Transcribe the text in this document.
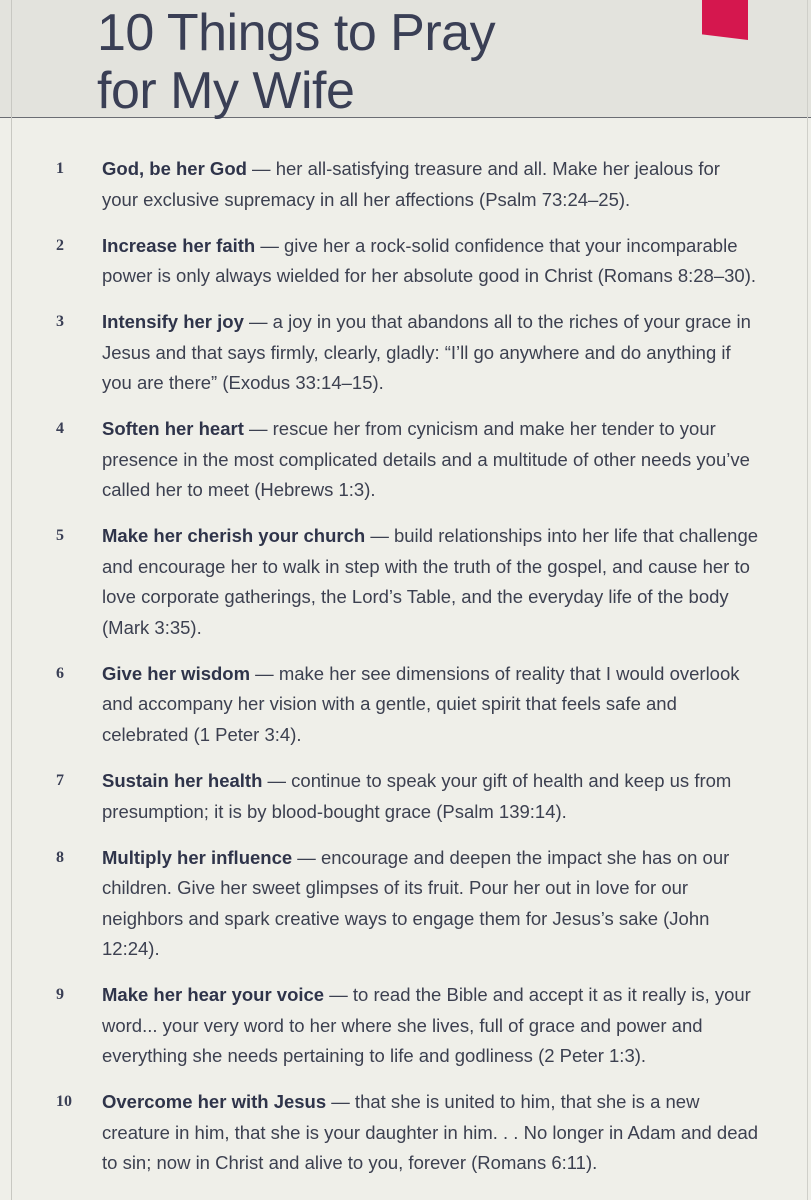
10 Things to Pray
for My Wife
1 God, be her God — her all-satisfying treasure and all. Make her jealous for your exclusive supremacy in all her affections (Psalm 73:24–25).
2 Increase her faith — give her a rock-solid confidence that your incomparable power is only always wielded for her absolute good in Christ (Romans 8:28–30).
3 Intensify her joy — a joy in you that abandons all to the riches of your grace in Jesus and that says firmly, clearly, gladly: “I’ll go anywhere and do anything if you are there” (Exodus 33:14–15).
4 Soften her heart — rescue her from cynicism and make her tender to your presence in the most complicated details and a multitude of other needs you’ve called her to meet (Hebrews 1:3).
5 Make her cherish your church — build relationships into her life that challenge and encourage her to walk in step with the truth of the gospel, and cause her to love corporate gatherings, the Lord’s Table, and the everyday life of the body (Mark 3:35).
6 Give her wisdom — make her see dimensions of reality that I would overlook and accompany her vision with a gentle, quiet spirit that feels safe and celebrated (1 Peter 3:4).
7 Sustain her health — continue to speak your gift of health and keep us from presumption; it is by blood-bought grace (Psalm 139:14).
8 Multiply her influence — encourage and deepen the impact she has on our children. Give her sweet glimpses of its fruit. Pour her out in love for our neighbors and spark creative ways to engage them for Jesus’s sake (John 12:24).
9 Make her hear your voice — to read the Bible and accept it as it really is, your word... your very word to her where she lives, full of grace and power and everything she needs pertaining to life and godliness (2 Peter 1:3).
10 Overcome her with Jesus — that she is united to him, that she is a new creature in him, that she is your daughter in him. . . No longer in Adam and dead to sin; now in Christ and alive to you, forever (Romans 6:11).
